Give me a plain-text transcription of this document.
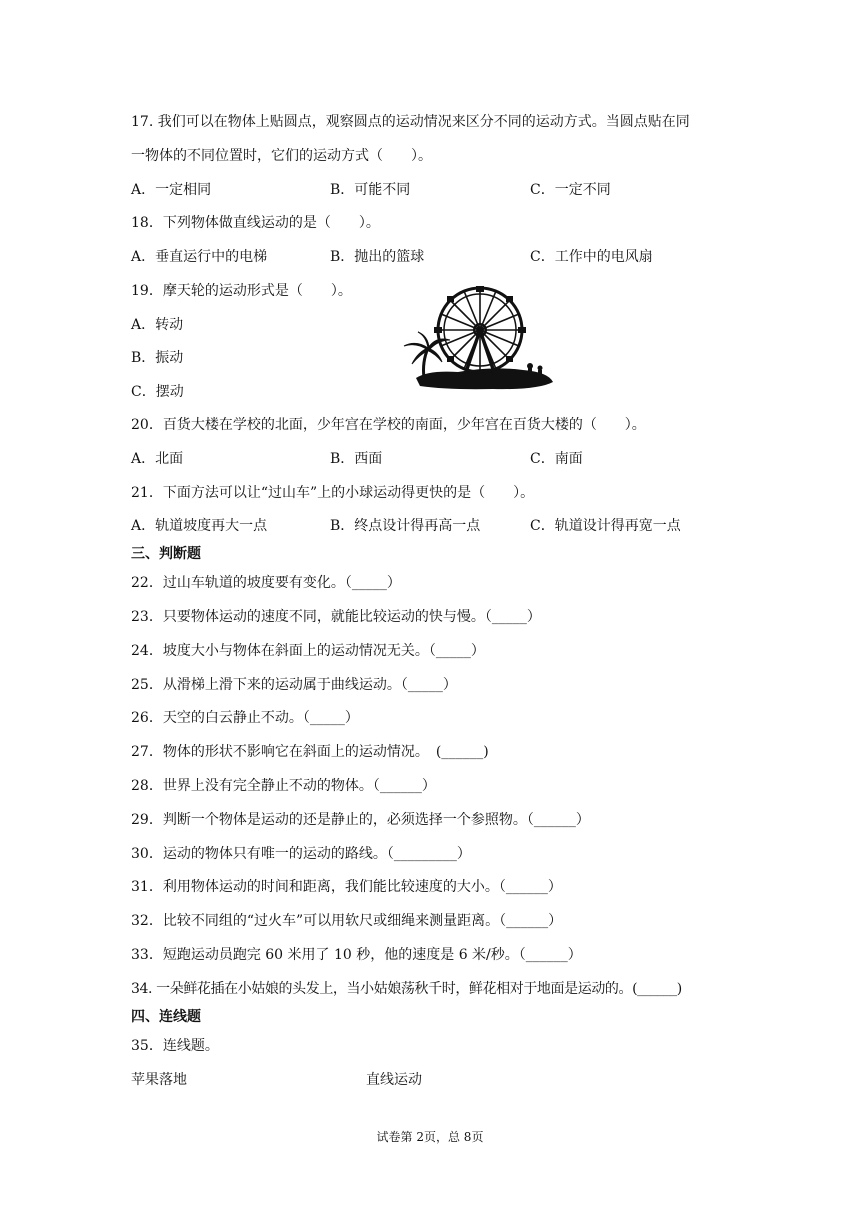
17. 我们可以在物体上贴圆点，观察圆点的运动情况来区分不同的运动方式。当圆点贴在同
一物体的不同位置时，它们的运动方式（　　）。
A．一定相同	B．可能不同	C．一定不同
18．下列物体做直线运动的是（　　）。
A．垂直运行中的电梯	B．抛出的篮球	C．工作中的电风扇
19．摩天轮的运动形式是（　　）。
A．转动
B．振动
C．摆动
20．百货大楼在学校的北面，少年宫在学校的南面，少年宫在百货大楼的（　　）。
A．北面	B．西面	C．南面
21．下面方法可以让“过山车”上的小球运动得更快的是（　　）。
A．轨道坡度再大一点	B．终点设计得再高一点	C．轨道设计得再宽一点
三、判断题
22．过山车轨道的坡度要有变化。（_____）
23．只要物体运动的速度不同，就能比较运动的快与慢。（_____）
24．坡度大小与物体在斜面上的运动情况无关。（_____）
25．从滑梯上滑下来的运动属于曲线运动。（_____）
26．天空的白云静止不动。（_____）
27．物体的形状不影响它在斜面上的运动情况。　(______)
28．世界上没有完全静止不动的物体。（______）
29．判断一个物体是运动的还是静止的，必须选择一个参照物。（______）
30．运动的物体只有唯一的运动的路线。（_________）
31．利用物体运动的时间和距离，我们能比较速度的大小。（______）
32．比较不同组的“过火车”可以用软尺或细绳来测量距离。（______）
33．短跑运动员跑完 60 米用了 10 秒，他的速度是 6 米/秒。（______）
34. 一朵鲜花插在小姑娘的头发上，当小姑娘荡秋千时，鲜花相对于地面是运动的。(______)
四、连线题
35．连线题。
苹果落地	直线运动
试卷第 2页，总 8页
